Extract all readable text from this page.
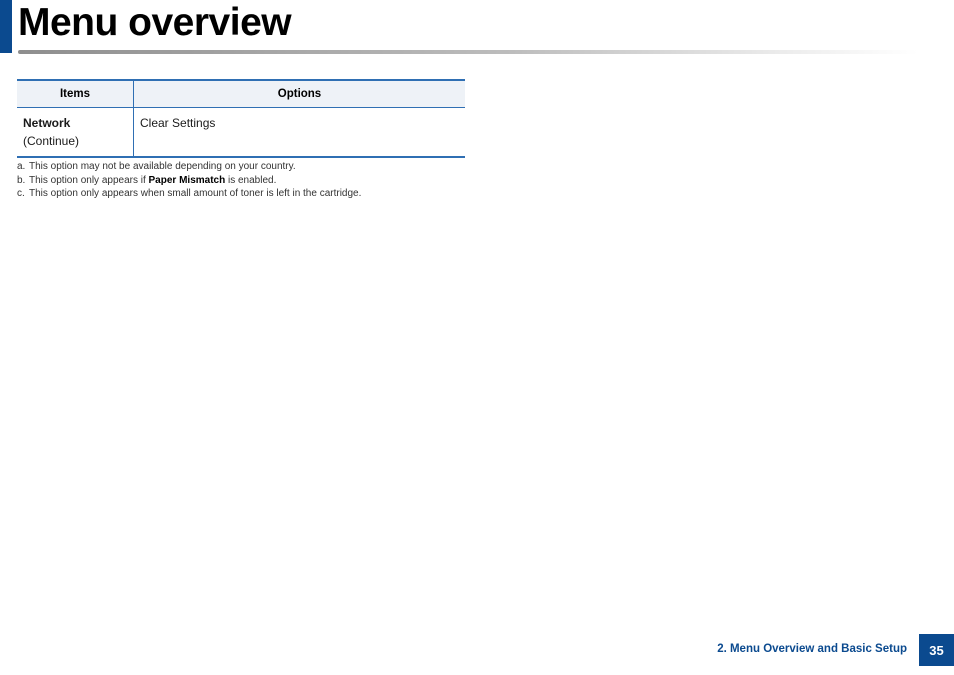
Menu overview
Items	Options

Network
(Continue)	Clear Settings
a. This option may not be available depending on your country.
b. This option only appears if Paper Mismatch is enabled.
c. This option only appears when small amount of toner is left in the cartridge.
2. Menu Overview and Basic Setup	35
